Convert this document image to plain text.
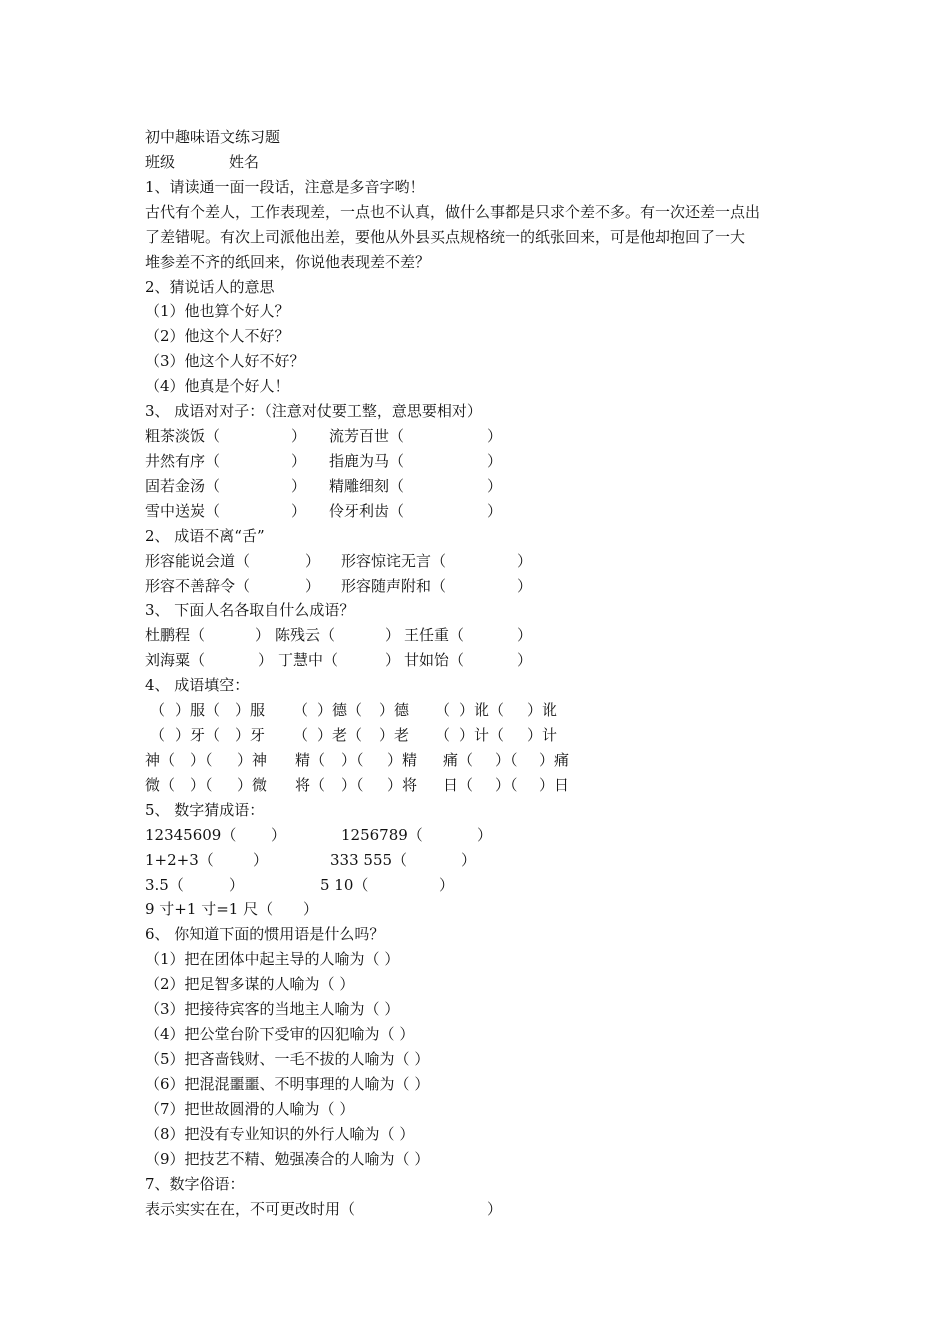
初中趣味语文练习题
班级	姓名
1、请读通一面一段话，注意是多音字哟！
古代有个差人，工作表现差，一点也不认真，做什么事都是只求个差不多。有一次还差一点出
了差错呢。有次上司派他出差，要他从外县买点规格统一的纸张回来，可是他却抱回了一大
堆参差不齐的纸回来，你说他表现差不差？
2、猜说话人的意思
（1）他也算个好人？
（2）他这个人不好？
（3）他这个人好不好？
（4）他真是个好人！
3、 成语对对子：（注意对仗要工整，意思要相对）
粗茶淡饭（	） 流芳百世（	）
井然有序（	） 指鹿为马（	）
固若金汤（	） 精雕细刻（	）
雪中送炭（	） 伶牙利齿（	）
2、 成语不离“舌”
形容能说会道（	） 形容惊诧无言（	）
形容不善辞令（	） 形容随声附和（	）
3、 下面人名各取自什么成语？
杜鹏程（	） 陈残云（	） 王任重（	）
刘海粟（	） 丁慧中（	） 甘如饴（	）
4、 成语填空：
（ ）服（ ）服 （ ）德（ ）德 （ ）讹（ ）讹
（ ）牙（ ）牙 （ ）老（ ）老 （ ）计（ ）计
神（ ）（ ）神 精（ ）（ ）精 痛（ ）（ ）痛
微（ ）（ ）微 将（ ）（ ）将 日（ ）（ ）日
5、 数字猜成语：
12345609（ ）	1256789（	）
1+2+3（	）	333 555（	）
3.5（	）	5 10（	）
9 寸+1 寸=1 尺（ ）
6、 你知道下面的惯用语是什么吗？
（1）把在团体中起主导的人喻为（ ）
（2）把足智多谋的人喻为（ ）
（3）把接待宾客的当地主人喻为（ ）
（4）把公堂台阶下受审的囚犯喻为（ ）
（5）把吝啬钱财、一毛不拔的人喻为（ ）
（6）把混混噩噩、不明事理的人喻为（ ）
（7）把世故圆滑的人喻为（ ）
（8）把没有专业知识的外行人喻为（ ）
（9）把技艺不精、勉强凑合的人喻为（ ）
7、数字俗语：
表示实实在在，不可更改时用（	）
